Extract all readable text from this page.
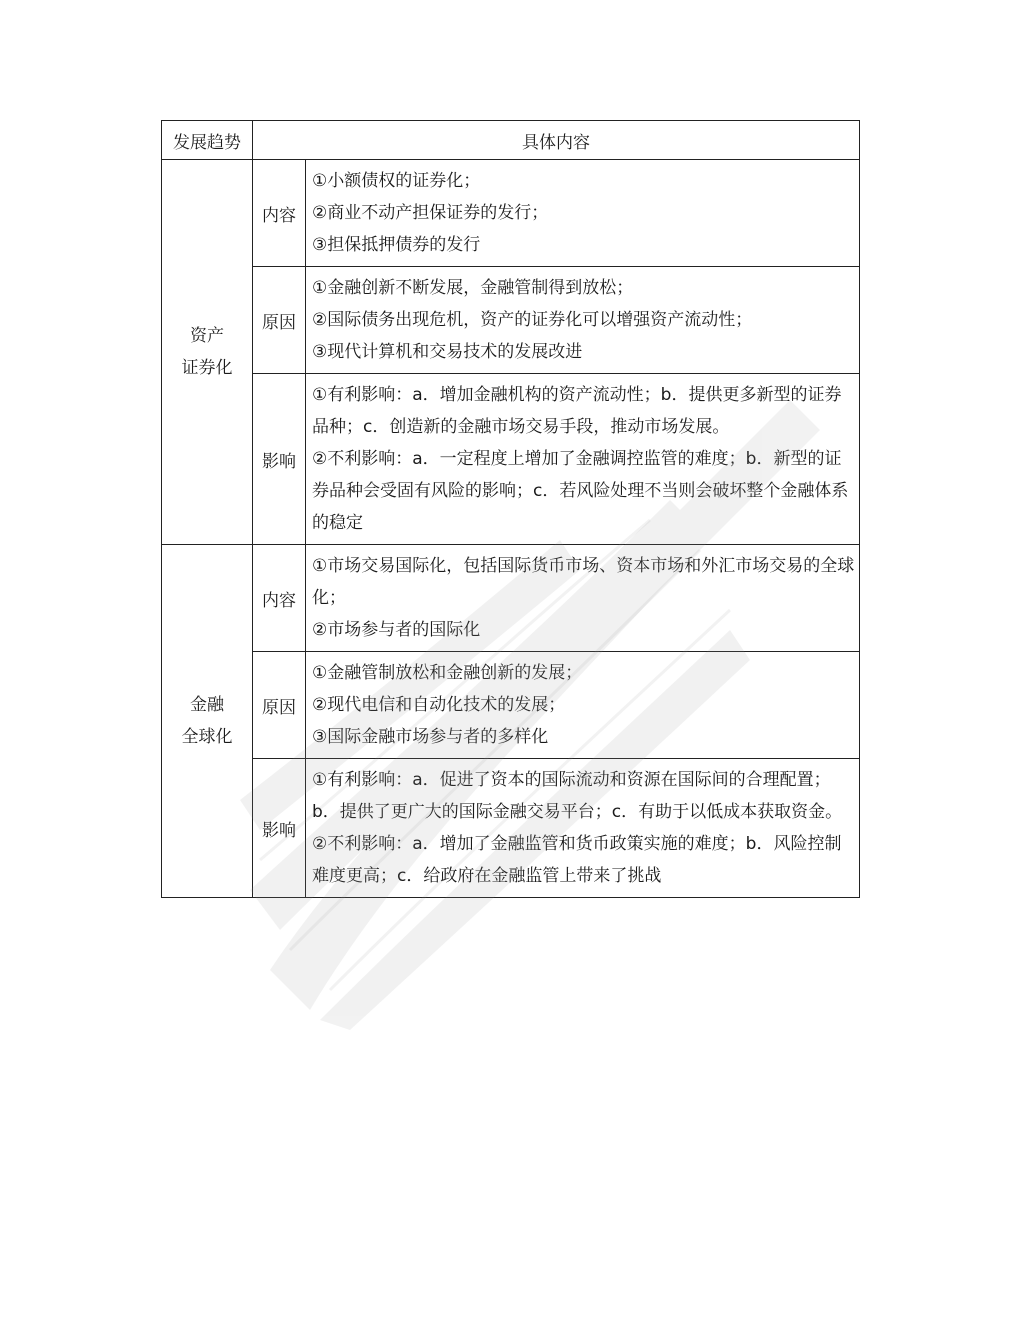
发展趋势	具体内容	

资产
证券化	内容	①小额债权的证券化；
②商业不动产担保证券的发行；
③担保抵押债券的发行

	原因	①金融创新不断发展，金融管制得到放松；
②国际债务出现危机，资产的证券化可以增强资产流动性；
③现代计算机和交易技术的发展改进

	影响	①有利影响：a．增加金融机构的资产流动性；b．提供更多新型的证券品种；c．创造新的金融市场交易手段，推动市场发展。
②不利影响：a．一定程度上增加了金融调控监管的难度；b．新型的证券品种会受固有风险的影响；c．若风险处理不当则会破坏整个金融体系的稳定

金融
全球化	内容	①市场交易国际化，包括国际货币市场、资本市场和外汇市场交易的全球化；
②市场参与者的国际化

	原因	①金融管制放松和金融创新的发展；
②现代电信和自动化技术的发展；
③国际金融市场参与者的多样化

	影响	①有利影响：a．促进了资本的国际流动和资源在国际间的合理配置；b．提供了更广大的国际金融交易平台；c．有助于以低成本获取资金。
②不利影响：a．增加了金融监管和货币政策实施的难度；b．风险控制难度更高；c．给政府在金融监管上带来了挑战
